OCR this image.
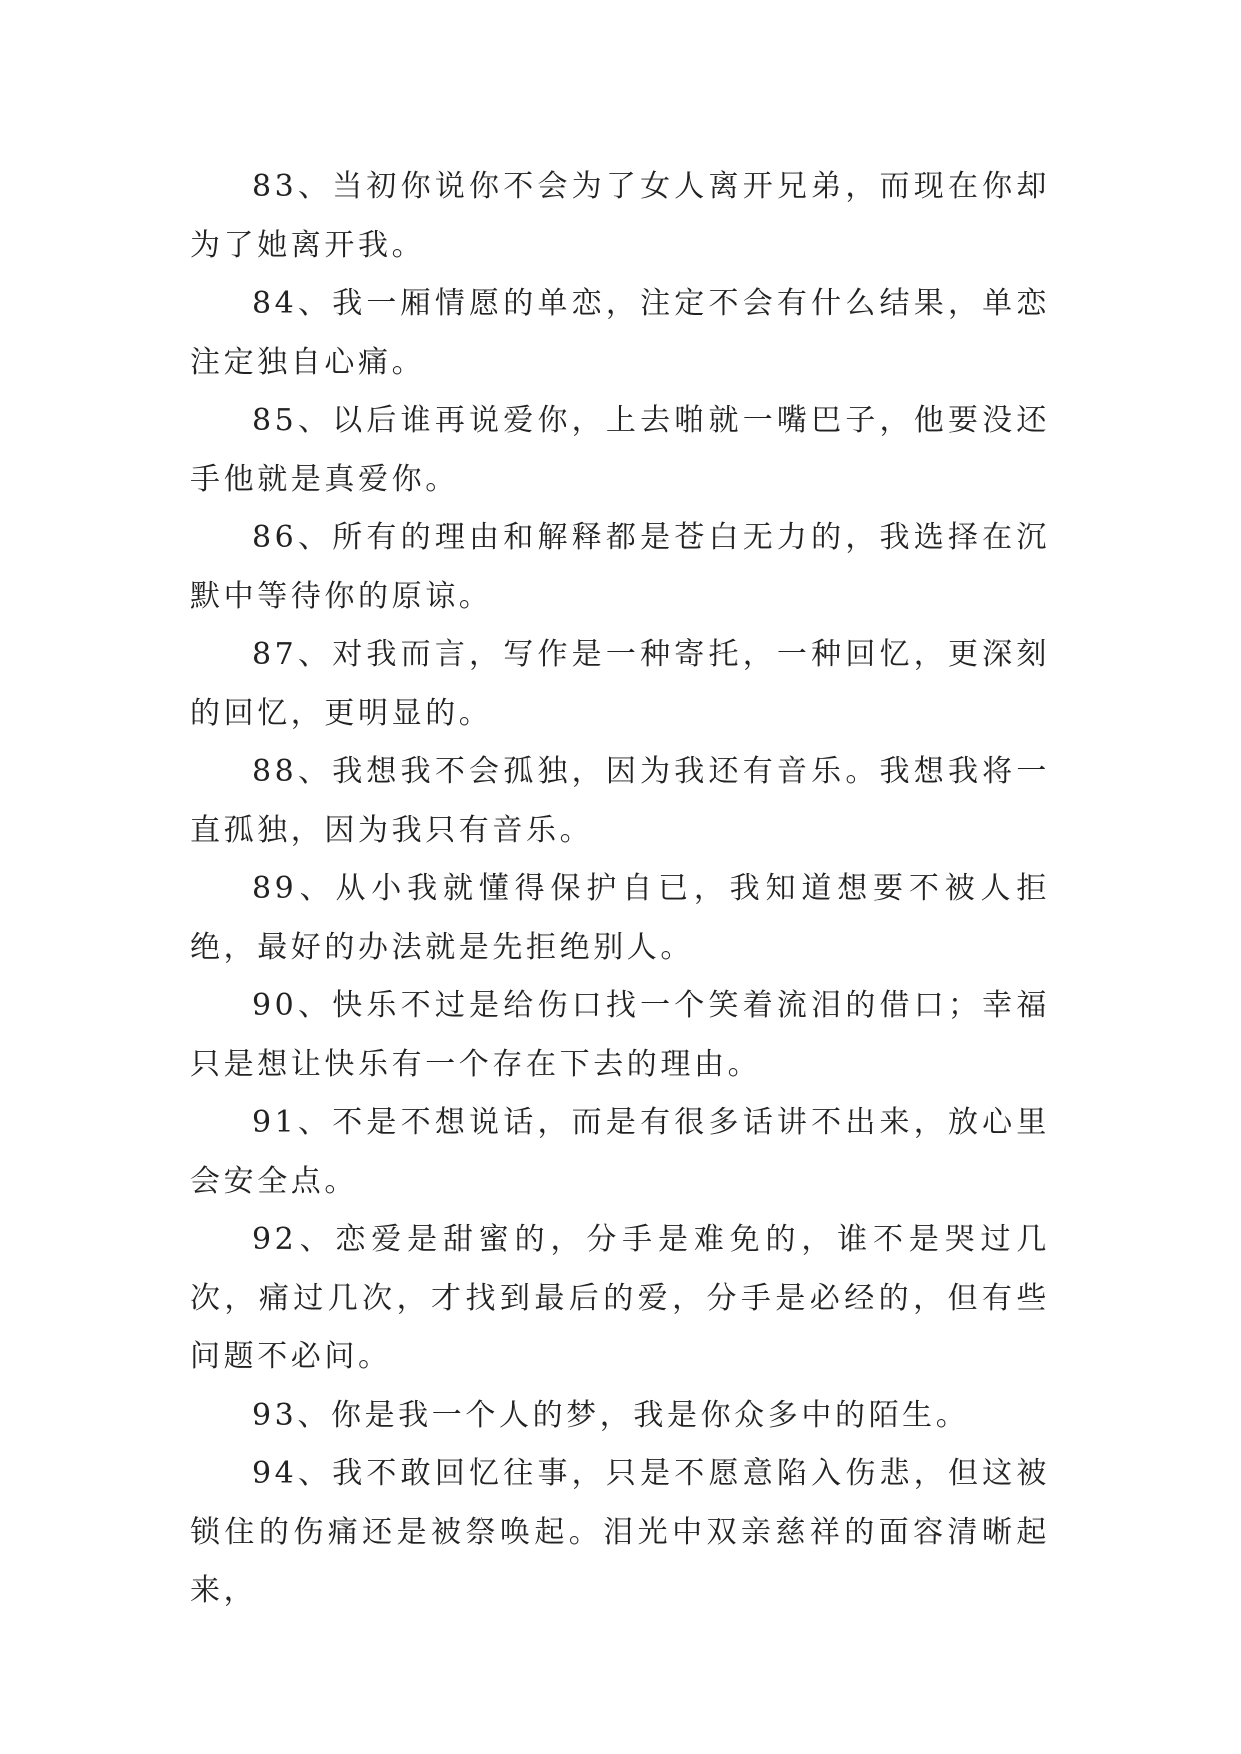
83、当初你说你不会为了女人离开兄弟，而现在你却为了她离开我。

84、我一厢情愿的单恋，注定不会有什么结果，单恋注定独自心痛。

85、以后谁再说爱你，上去啪就一嘴巴子，他要没还手他就是真爱你。

86、所有的理由和解释都是苍白无力的，我选择在沉默中等待你的原谅。

87、对我而言，写作是一种寄托，一种回忆，更深刻的回忆，更明显的。

88、我想我不会孤独，因为我还有音乐。我想我将一直孤独，因为我只有音乐。

89、从小我就懂得保护自已，我知道想要不被人拒绝，最好的办法就是先拒绝别人。

90、快乐不过是给伤口找一个笑着流泪的借口；幸福只是想让快乐有一个存在下去的理由。

91、不是不想说话，而是有很多话讲不出来，放心里会安全点。

92、恋爱是甜蜜的，分手是难免的，谁不是哭过几次，痛过几次，才找到最后的爱，分手是必经的，但有些问题不必问。

93、你是我一个人的梦，我是你众多中的陌生。

94、我不敢回忆往事，只是不愿意陷入伤悲，但这被锁住的伤痛还是被祭唤起。泪光中双亲慈祥的面容清晰起来，
